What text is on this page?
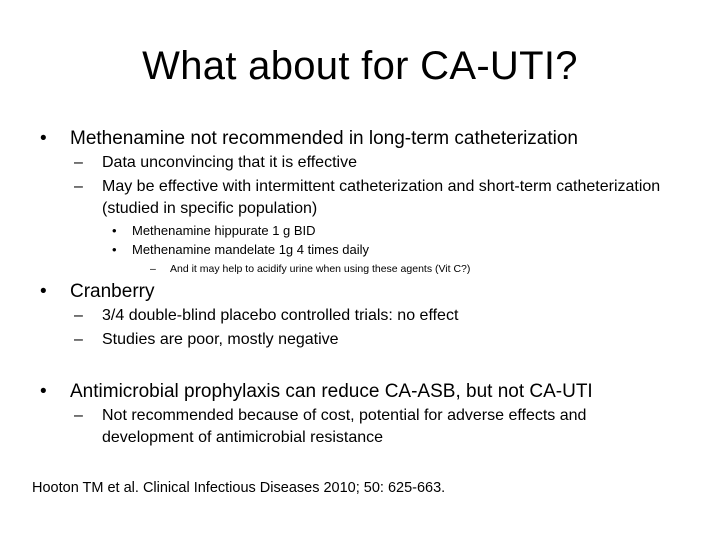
What about for CA-UTI?
•	Methenamine not recommended in long-term catheterization
–	Data unconvincing that it is effective
–	May be effective with intermittent catheterization and short-term catheterization (studied in specific population)
•	Methenamine hippurate 1 g BID
•	Methenamine mandelate 1g 4 times daily
–	And it may help to acidify urine when using these agents (Vit C?)
•	Cranberry
–	3/4 double-blind placebo controlled trials: no effect
–	Studies are poor, mostly negative
•	Antimicrobial prophylaxis can reduce CA-ASB, but not CA-UTI
–	Not recommended because of cost, potential for adverse effects and development of antimicrobial resistance
Hooton TM et al. Clinical Infectious Diseases 2010; 50: 625-663.
